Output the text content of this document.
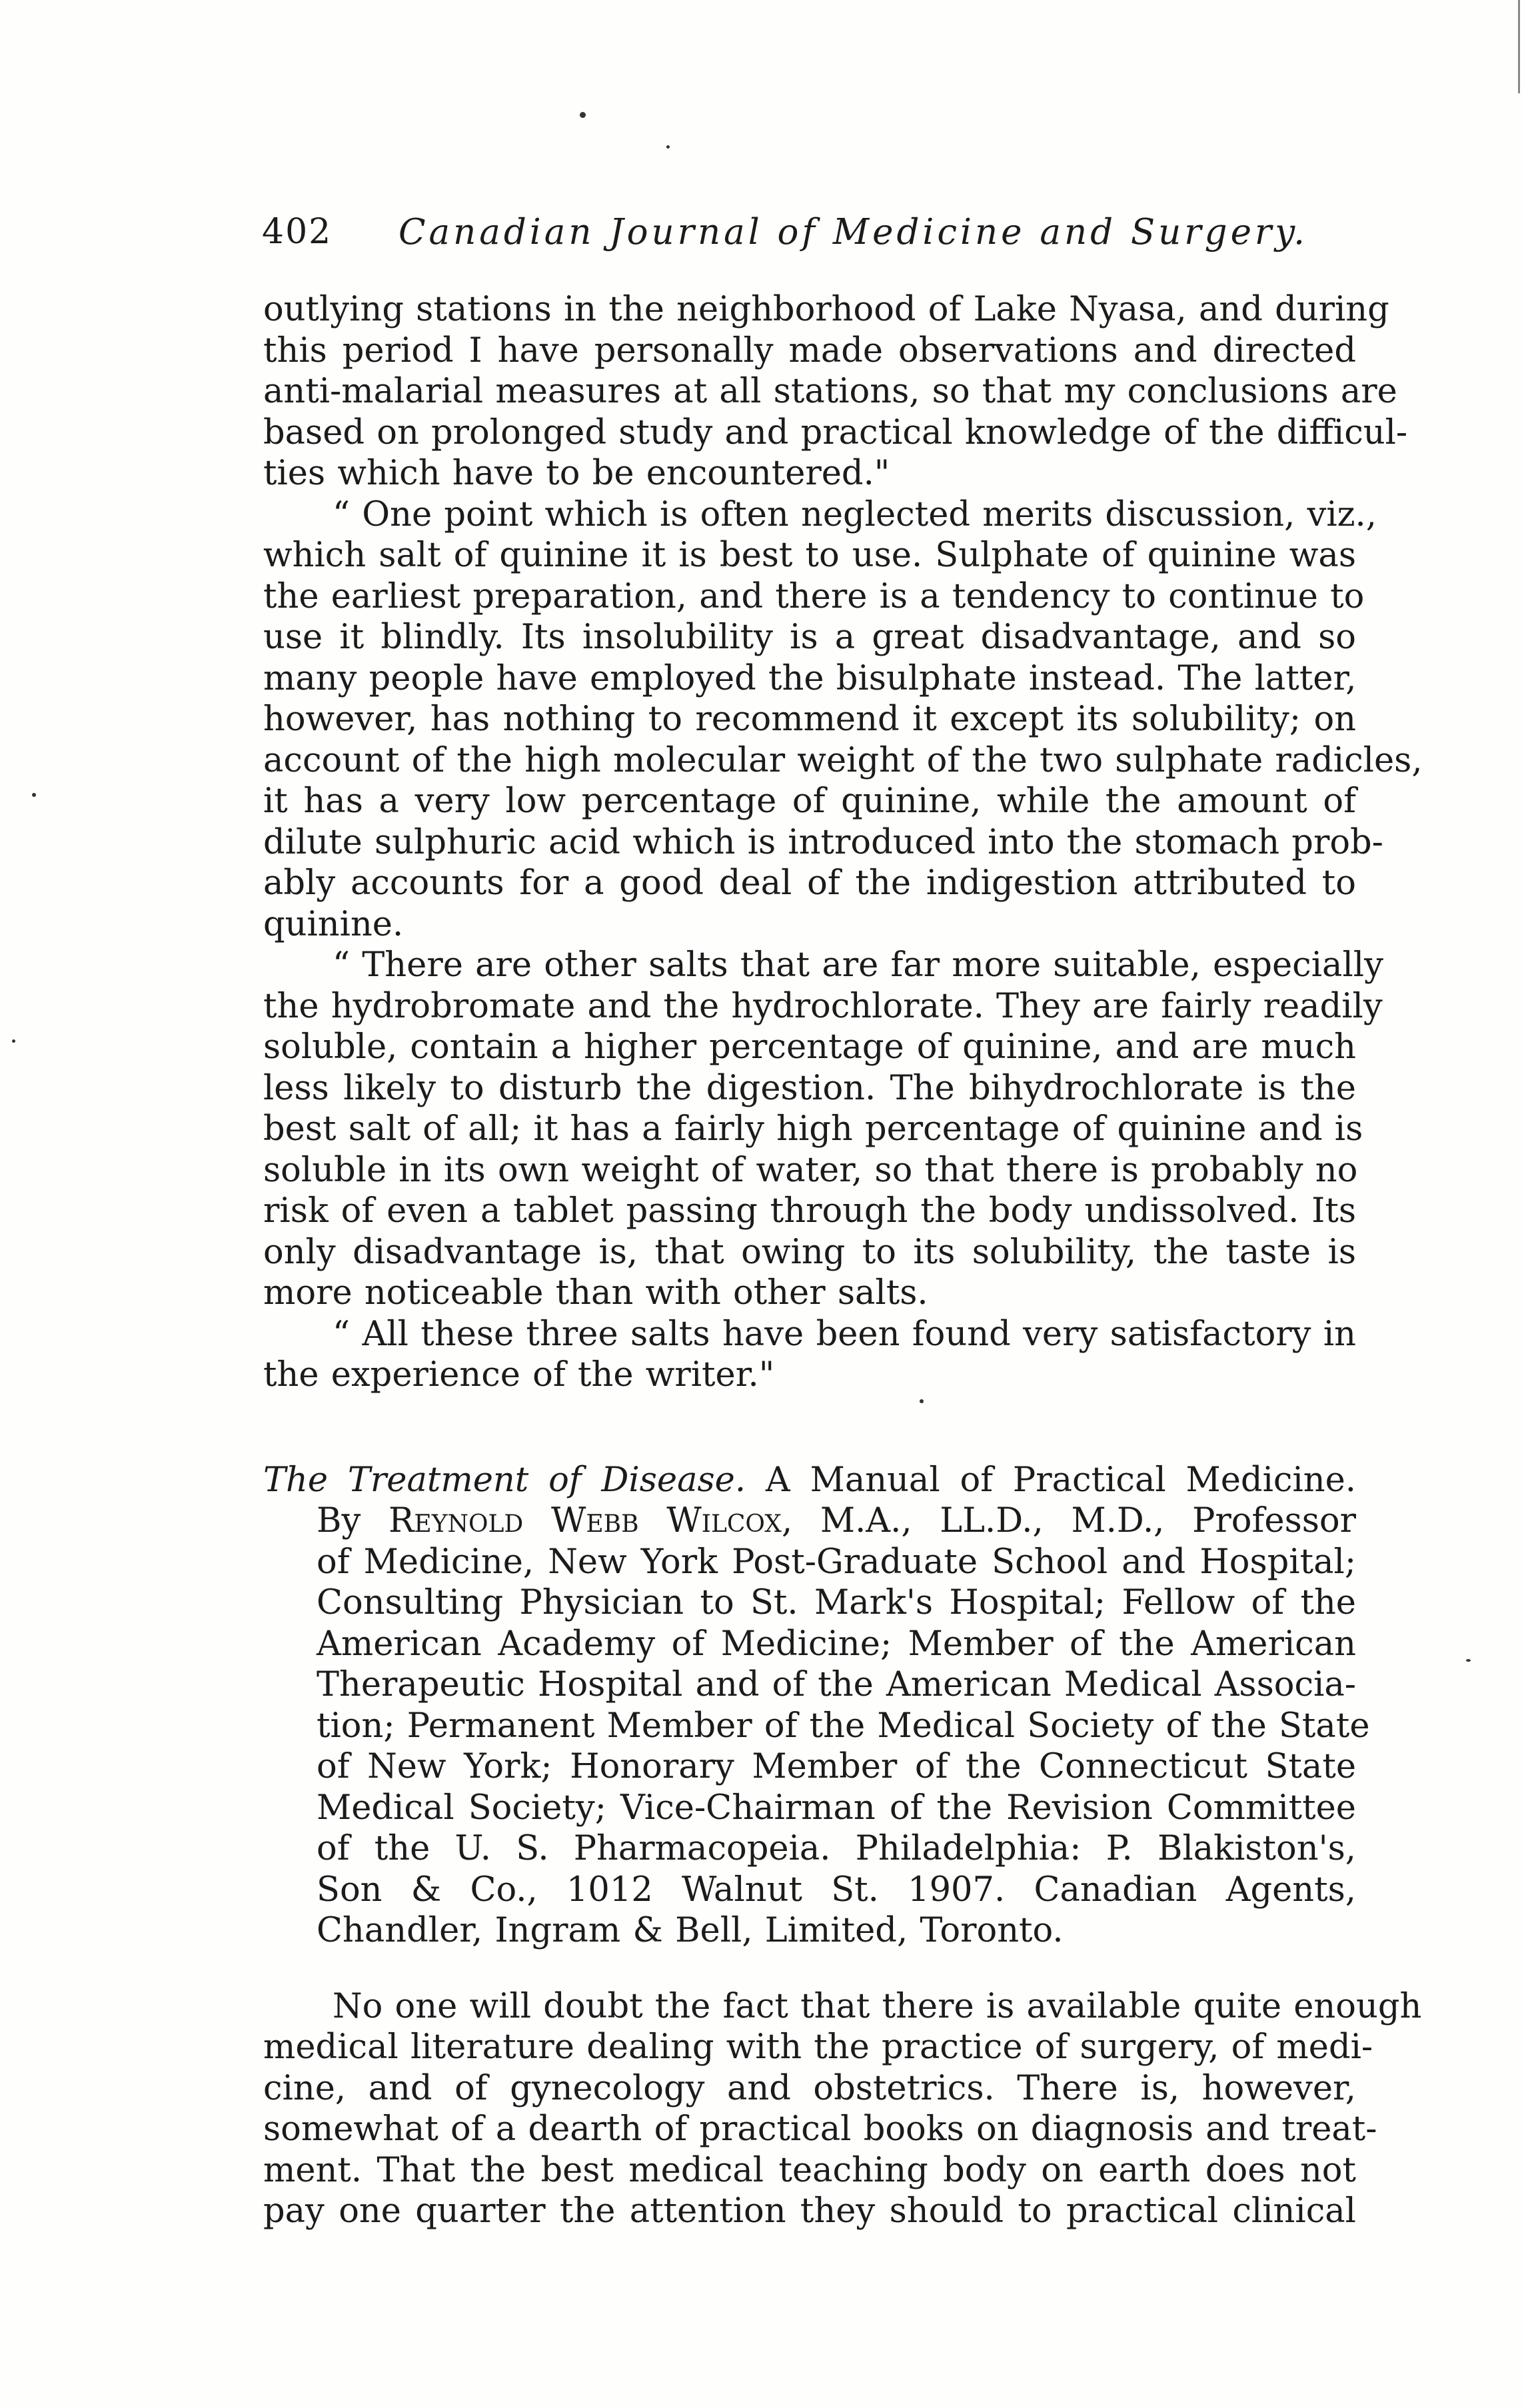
402 Canadian Journal of Medicine and Surgery.
outlying stations in the neighborhood of Lake Nyasa, and during
this period I have personally made observations and directed
anti-malarial measures at all stations, so that my conclusions are
based on prolonged study and practical knowledge of the difficul-
ties which have to be encountered."
“ One point which is often neglected merits discussion, viz.,
which salt of quinine it is best to use. Sulphate of quinine was
the earliest preparation, and there is a tendency to continue to
use it blindly. Its insolubility is a great disadvantage, and so
many people have employed the bisulphate instead. The latter,
however, has nothing to recommend it except its solubility; on
account of the high molecular weight of the two sulphate radicles,
it has a very low percentage of quinine, while the amount of
dilute sulphuric acid which is introduced into the stomach prob-
ably accounts for a good deal of the indigestion attributed to
quinine.
“ There are other salts that are far more suitable, especially
the hydrobromate and the hydrochlorate. They are fairly readily
soluble, contain a higher percentage of quinine, and are much
less likely to disturb the digestion. The bihydrochlorate is the
best salt of all; it has a fairly high percentage of quinine and is
soluble in its own weight of water, so that there is probably no
risk of even a tablet passing through the body undissolved. Its
only disadvantage is, that owing to its solubility, the taste is
more noticeable than with other salts.
“ All these three salts have been found very satisfactory in
the experience of the writer."
The Treatment of Disease. A Manual of Practical Medicine.
By Reynold Webb Wilcox, M.A., LL.D., M.D., Professor
of Medicine, New York Post-Graduate School and Hospital;
Consulting Physician to St. Mark's Hospital; Fellow of the
American Academy of Medicine; Member of the American
Therapeutic Hospital and of the American Medical Associa-
tion; Permanent Member of the Medical Society of the State
of New York; Honorary Member of the Connecticut State
Medical Society; Vice-Chairman of the Revision Committee
of the U. S. Pharmacopeia. Philadelphia: P. Blakiston's,
Son & Co., 1012 Walnut St. 1907. Canadian Agents,
Chandler, Ingram & Bell, Limited, Toronto.
No one will doubt the fact that there is available quite enough
medical literature dealing with the practice of surgery, of medi-
cine, and of gynecology and obstetrics. There is, however,
somewhat of a dearth of practical books on diagnosis and treat-
ment. That the best medical teaching body on earth does not
pay one quarter the attention they should to practical clinical
